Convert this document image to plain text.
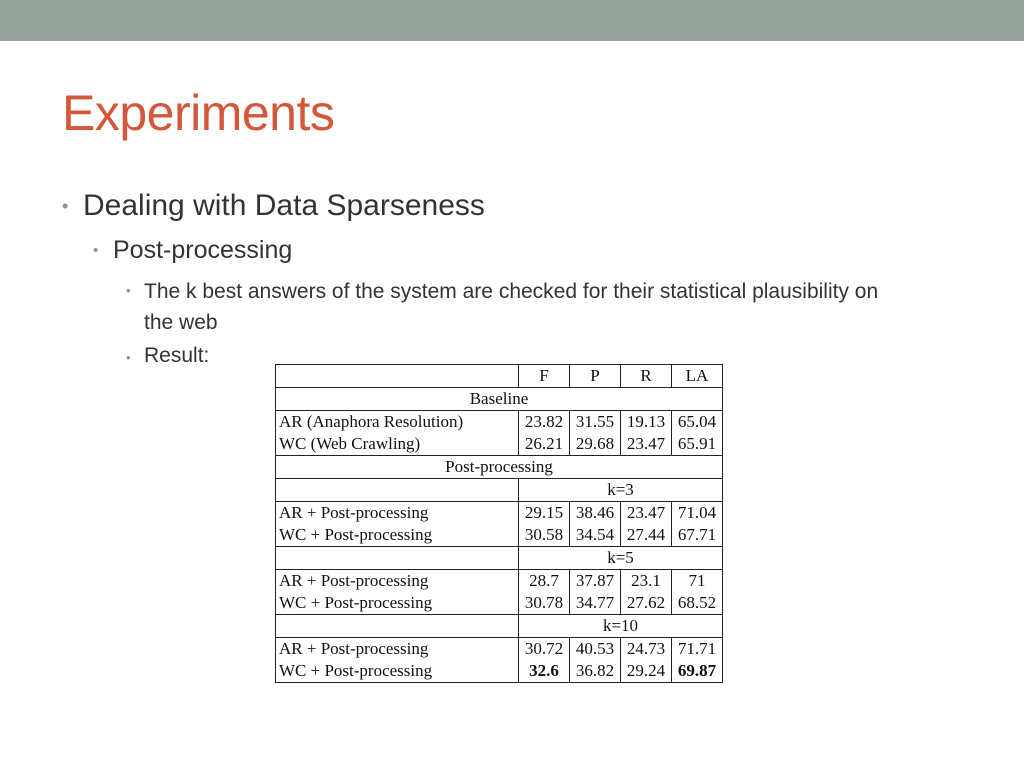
Experiments
• Dealing with Data Sparseness
• Post-processing
• The k best answers of the system are checked for their statistical plausibility on the web
• Result:
	F	P	R	LA
Baseline				
AR (Anaphora Resolution)	23.82	31.55	19.13	65.04
WC (Web Crawling)	26.21	29.68	23.47	65.91
Post-processing				
	k=3			
AR + Post-processing	29.15	38.46	23.47	71.04
WC + Post-processing	30.58	34.54	27.44	67.71
	k=5			
AR + Post-processing	28.7	37.87	23.1	71
WC + Post-processing	30.78	34.77	27.62	68.52
	k=10			
AR + Post-processing	30.72	40.53	24.73	71.71
WC + Post-processing	32.6	36.82	29.24	69.87
